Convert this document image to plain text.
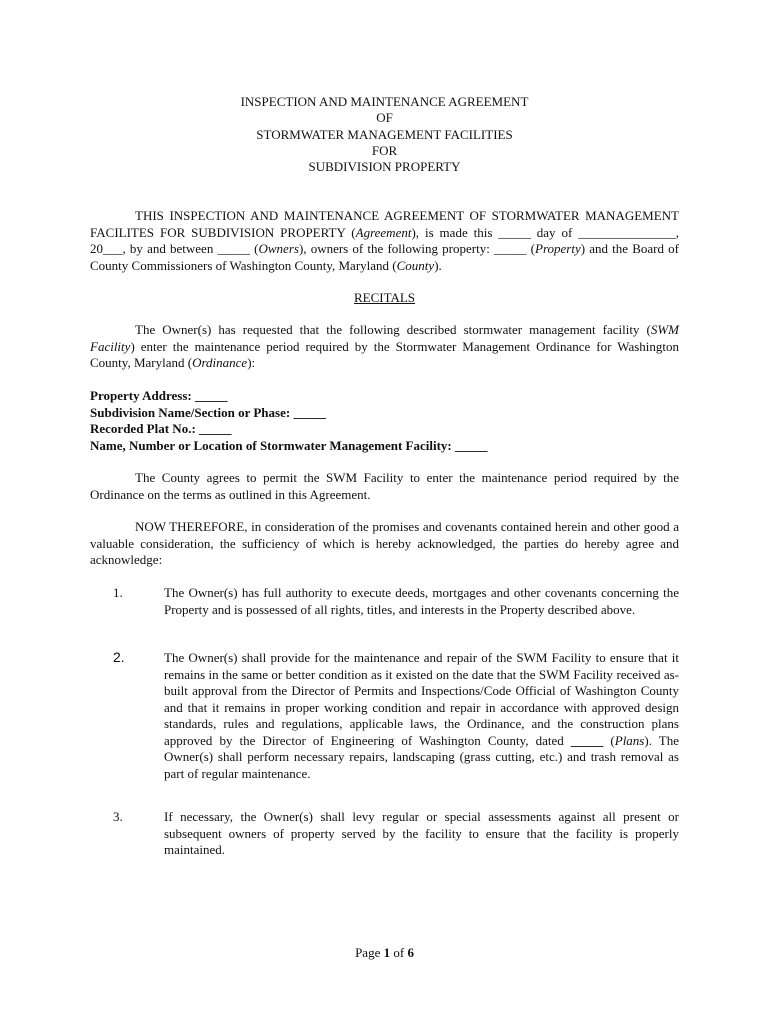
INSPECTION AND MAINTENANCE AGREEMENT
OF
STORMWATER MANAGEMENT FACILITIES
FOR
SUBDIVISION PROPERTY
THIS INSPECTION AND MAINTENANCE AGREEMENT OF STORMWATER MANAGEMENT FACILITES FOR SUBDIVISION PROPERTY (Agreement), is made this _____ day of _______________, 20___, by and between _____ (Owners), owners of the following property: _____ (Property) and the Board of County Commissioners of Washington County, Maryland (County).
RECITALS
The Owner(s) has requested that the following described stormwater management facility (SWM Facility) enter the maintenance period required by the Stormwater Management Ordinance for Washington County, Maryland (Ordinance):
Property Address: _____
Subdivision Name/Section or Phase: _____
Recorded Plat No.: _____
Name, Number or Location of Stormwater Management Facility: _____
The County agrees to permit the SWM Facility to enter the maintenance period required by the Ordinance on the terms as outlined in this Agreement.
NOW THEREFORE, in consideration of the promises and covenants contained herein and other good a valuable consideration, the sufficiency of which is hereby acknowledged, the parties do hereby agree and acknowledge:
1.	The Owner(s) has full authority to execute deeds, mortgages and other covenants concerning the Property and is possessed of all rights, titles, and interests in the Property described above.
2.	The Owner(s) shall provide for the maintenance and repair of the SWM Facility to ensure that it remains in the same or better condition as it existed on the date that the SWM Facility received as-built approval from the Director of Permits and Inspections/Code Official of Washington County and that it remains in proper working condition and repair in accordance with approved design standards, rules and regulations, applicable laws, the Ordinance, and the construction plans approved by the Director of Engineering of Washington County, dated _____ (Plans). The Owner(s) shall perform necessary repairs, landscaping (grass cutting, etc.) and trash removal as part of regular maintenance.
3.	If necessary, the Owner(s) shall levy regular or special assessments against all present or subsequent owners of property served by the facility to ensure that the facility is properly maintained.
Page 1 of 6
